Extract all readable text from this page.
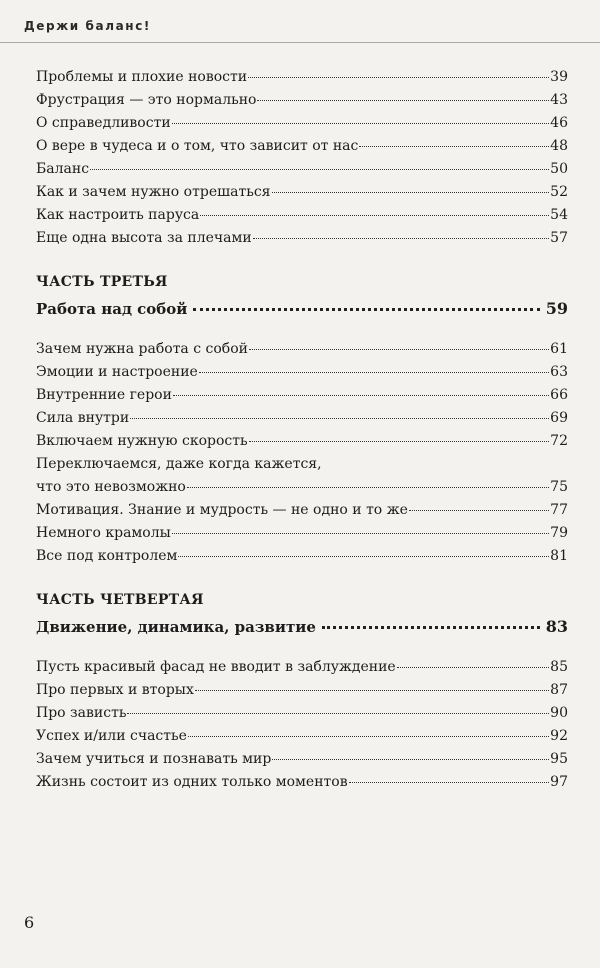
Держи баланс!
Проблемы и плохие новости	39
Фрустрация — это нормально	43
О справедливости	46
О вере в чудеса и о том, что зависит от нас	48
Баланс	50
Как и зачем нужно отрешаться	52
Как настроить паруса	54
Еще одна высота за плечами	57
ЧАСТЬ ТРЕТЬЯ
Работа над собой	59
Зачем нужна работа с собой	61
Эмоции и настроение	63
Внутренние герои	66
Сила внутри	69
Включаем нужную скорость	72
Переключаемся, даже когда кажется,
что это невозможно	75
Мотивация. Знание и мудрость — не одно и то же	77
Немного крамолы	79
Все под контролем	81
ЧАСТЬ ЧЕТВЕРТАЯ
Движение, динамика, развитие	83
Пусть красивый фасад не вводит в заблуждение	85
Про первых и вторых	87
Про зависть	90
Успех и/или счастье	92
Зачем учиться и познавать мир	95
Жизнь состоит из одних только моментов	97
6
